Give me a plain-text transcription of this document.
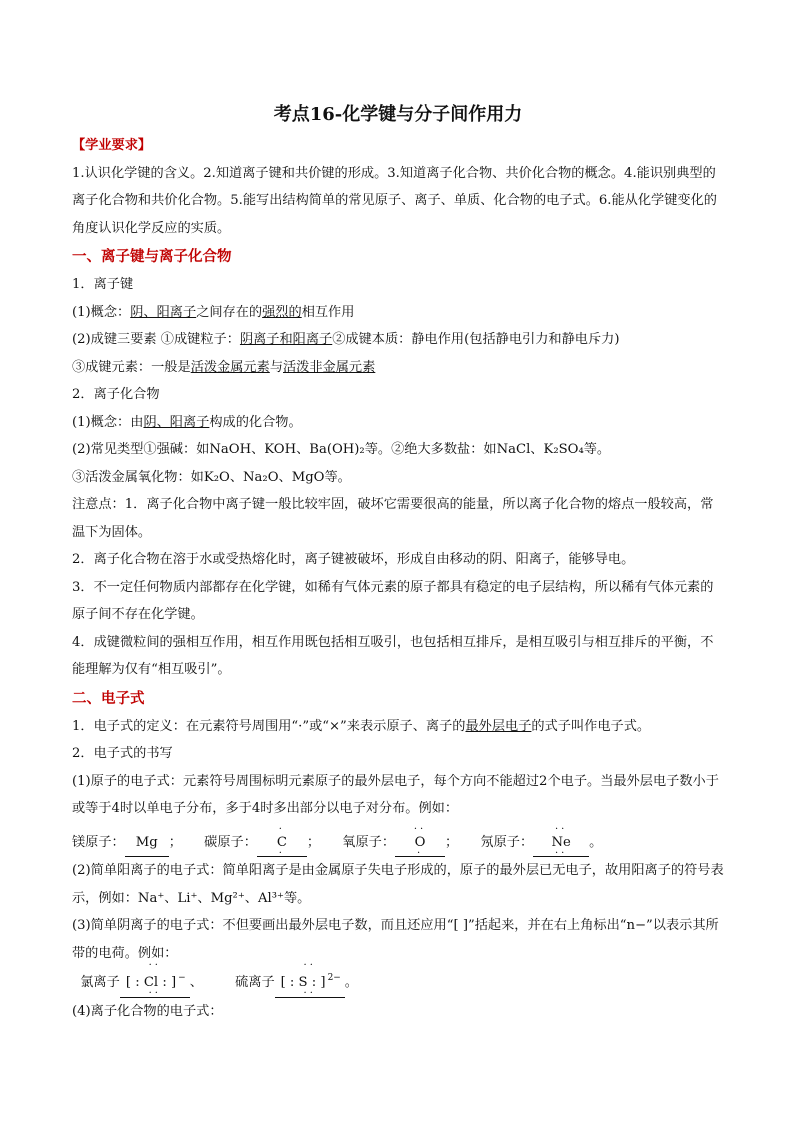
考点16-化学键与分子间作用力

【学业要求】

1.认识化学键的含义。2.知道离子键和共价键的形成。3.知道离子化合物、共价化合物的概念。4.能识别典型的离子化合物和共价化合物。5.能写出结构简单的常见原子、离子、单质、化合物的电子式。6.能从化学键变化的角度认识化学反应的实质。

一、离子键与离子化合物

1．离子键

(1)概念：阴、阳离子之间存在的强烈的相互作用

(2)成键三要素 ①成键粒子：阴离子和阳离子②成键本质：静电作用(包括静电引力和静电斥力)

③成键元素：一般是活泼金属元素与活泼非金属元素

2．离子化合物

(1)概念：由阴、阳离子构成的化合物。

(2)常见类型①强碱：如NaOH、KOH、Ba(OH)₂等。②绝大多数盐：如NaCl、K₂SO₄等。

③活泼金属氧化物：如K₂O、Na₂O、MgO等。

注意点：1．离子化合物中离子键一般比较牢固，破坏它需要很高的能量，所以离子化合物的熔点一般较高，常温下为固体。

2．离子化合物在溶于水或受热熔化时，离子键被破坏，形成自由移动的阴、阳离子，能够导电。

3．不一定任何物质内部都存在化学键，如稀有气体元素的原子都具有稳定的电子层结构，所以稀有气体元素的原子间不存在化学键。

4．成键微粒间的强相互作用，相互作用既包括相互吸引，也包括相互排斥，是相互吸引与相互排斥的平衡，不能理解为仅有“相互吸引”。

二、电子式

1．电子式的定义：在元素符号周围用“·”或“×”来表示原子、离子的最外层电子的式子叫作电子式。

2．电子式的书写

(1)原子的电子式：元素符号周围标明元素原子的最外层电子，每个方向不能超过2个电子。当最外层电子数小于或等于4时以单电子分布，多于4时多出部分以电子对分布。例如：

镁原子： Mg ； 碳原子：
·
C
·
； 氧原子：
··
O
·
； 氖原子：
··
Ne
··
。

(2)简单阳离子的电子式：简单阳离子是由金属原子失电子形成的，原子的最外层已无电子，故用阳离子的符号表示，例如：Na⁺、Li⁺、Mg²⁺、Al³⁺等。

(3)简单阴离子的电子式：不但要画出最外层电子数，而且还应用“[ ]”括起来，并在右上角标出“n−”以表示其所带的电荷。例如：

氯离子
··
[ : Cl : ] −
··
、 硫离子
··
[ : S : ] $^{2-}$
··
。

(4)离子化合物的电子式：
